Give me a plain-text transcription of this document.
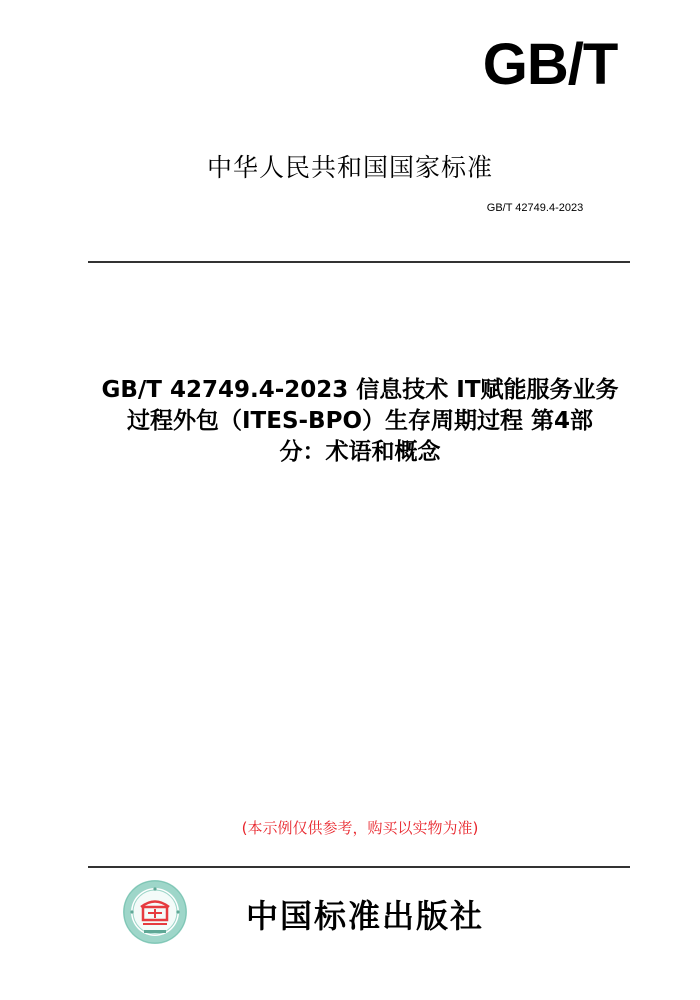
GB/T
中华人民共和国国家标准
GB/T 42749.4-2023
GB/T 42749.4-2023 信息技术 IT赋能服务业务
过程外包（ITES-BPO）生存周期过程 第4部
分：术语和概念
(本示例仅供参考，购买以实物为准)
中国标准出版社
